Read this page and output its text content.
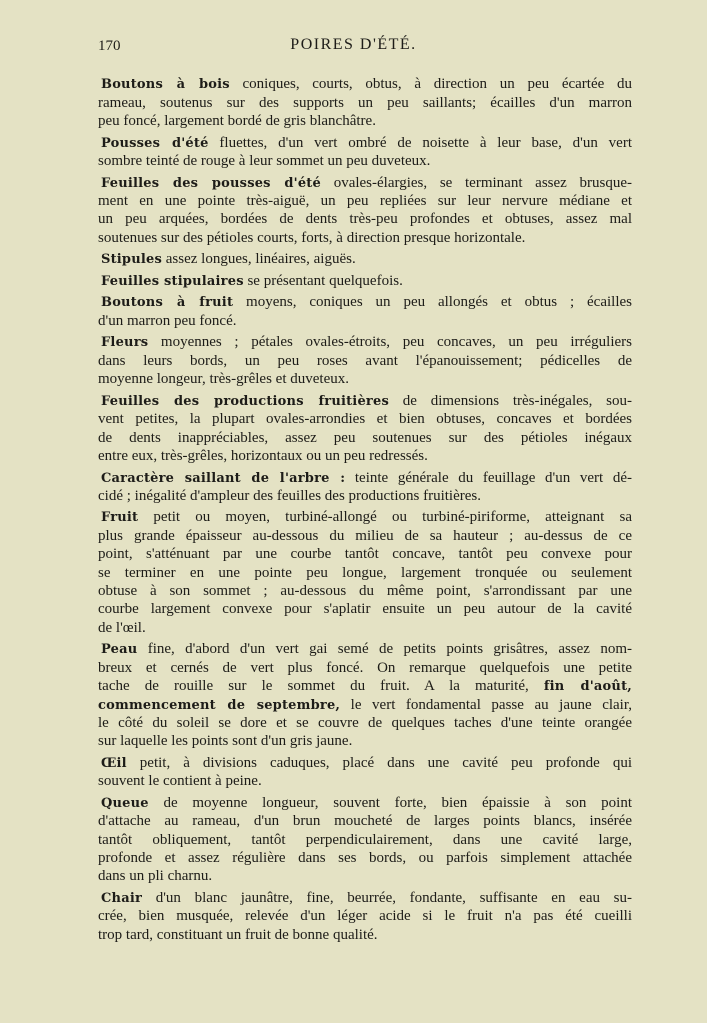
170	POIRES D'ÉTÉ.
Boutons à bois coniques, courts, obtus, à direction un peu écartée du
rameau, soutenus sur des supports un peu saillants; écailles d'un marron
peu foncé, largement bordé de gris blanchâtre.
Pousses d'été fluettes, d'un vert ombré de noisette à leur base, d'un vert
sombre teinté de rouge à leur sommet un peu duveteux.
Feuilles des pousses d'été ovales-élargies, se terminant assez brusque-
ment en une pointe très-aiguë, un peu repliées sur leur nervure médiane et
un peu arquées, bordées de dents très-peu profondes et obtuses, assez mal
soutenues sur des pétioles courts, forts, à direction presque horizontale.
Stipules assez longues, linéaires, aiguës.
Feuilles stipulaires se présentant quelquefois.
Boutons à fruit moyens, coniques un peu allongés et obtus ; écailles
d'un marron peu foncé.
Fleurs moyennes ; pétales ovales-étroits, peu concaves, un peu irréguliers
dans leurs bords, un peu roses avant l'épanouissement; pédicelles de
moyenne longeur, très-grêles et duveteux.
Feuilles des productions fruitières de dimensions très-inégales, sou-
vent petites, la plupart ovales-arrondies et bien obtuses, concaves et bordées
de dents inappréciables, assez peu soutenues sur des pétioles inégaux
entre eux, très-grêles, horizontaux ou un peu redressés.
Caractère saillant de l'arbre : teinte générale du feuillage d'un vert dé-
cidé ; inégalité d'ampleur des feuilles des productions fruitières.
Fruit petit ou moyen, turbiné-allongé ou turbiné-piriforme, atteignant sa
plus grande épaisseur au-dessous du milieu de sa hauteur ; au-dessus de ce
point, s'atténuant par une courbe tantôt concave, tantôt peu convexe pour
se terminer en une pointe peu longue, largement tronquée ou seulement
obtuse à son sommet ; au-dessous du même point, s'arrondissant par une
courbe largement convexe pour s'aplatir ensuite un peu autour de la cavité
de l'œil.
Peau fine, d'abord d'un vert gai semé de petits points grisâtres, assez nom-
breux et cernés de vert plus foncé. On remarque quelquefois une petite
tache de rouille sur le sommet du fruit. A la maturité, fin d'août,
commencement de septembre, le vert fondamental passe au jaune clair,
le côté du soleil se dore et se couvre de quelques taches d'une teinte orangée
sur laquelle les points sont d'un gris jaune.
Œil petit, à divisions caduques, placé dans une cavité peu profonde qui
souvent le contient à peine.
Queue de moyenne longueur, souvent forte, bien épaissie à son point
d'attache au rameau, d'un brun moucheté de larges points blancs, insérée
tantôt obliquement, tantôt perpendiculairement, dans une cavité large,
profonde et assez régulière dans ses bords, ou parfois simplement attachée
dans un pli charnu.
Chair d'un blanc jaunâtre, fine, beurrée, fondante, suffisante en eau su-
crée, bien musquée, relevée d'un léger acide si le fruit n'a pas été cueilli
trop tard, constituant un fruit de bonne qualité.
